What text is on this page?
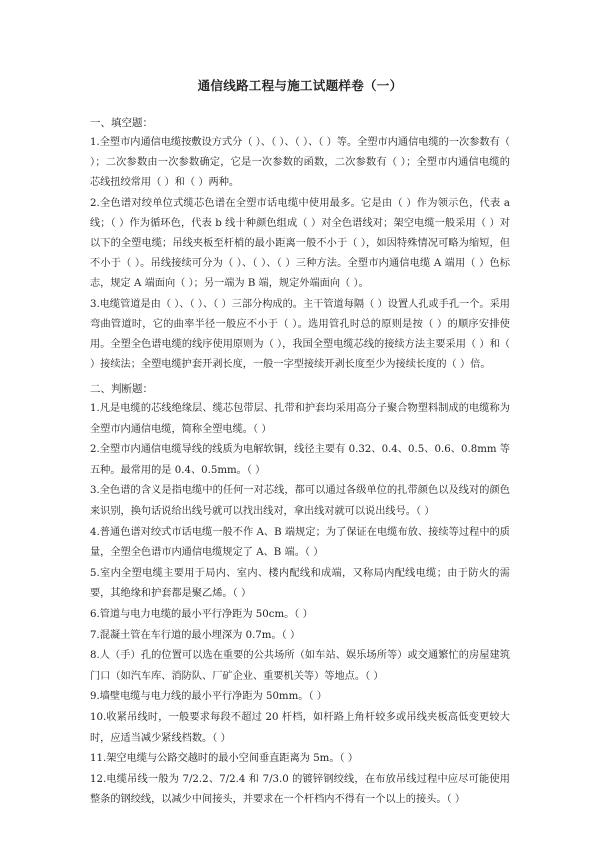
通信线路工程与施工试题样卷（一）

一、填空题：

1.全塑市内通信电缆按敷设方式分（ ）、（ ）、（ ）、（ ）等。全塑市内通信电缆的一次参数有（ ）；二次参数由一次参数确定，它是一次参数的函数，二次参数有（ ）；全塑市内通信电缆的芯线扭绞常用（ ）和（ ）两种。

2.全色谱对绞单位式缆芯色谱在全塑市话电缆中使用最多。它是由（ ）作为领示色，代表 a 线；（ ）作为循环色，代表 b 线十种颜色组成（ ）对全色谱线对；架空电缆一般采用（ ）对以下的全塑电缆；吊线夹板至杆梢的最小距离一般不小于（ ），如因特殊情况可略为缩短，但不小于（ ）。吊线接续可分为（ ）、（ ）、（ ）三种方法。全塑市内通信电缆 A 端用（ ）色标志，规定 A 端面向（ ）；另一端为 B 端，规定外端面向（ ）。

3.电缆管道是由（ ）、（ ）、（ ）三部分构成的。主干管道每隔（ ）设置人孔或手孔一个。采用弯曲管道时，它的曲率半径一般应不小于（ ）。选用管孔时总的原则是按（ ）的顺序安排使用。全塑全色谱电缆的线序使用原则为（ ），我国全塑电缆芯线的接续方法主要采用（ ）和（ ）接续法；全塑电缆护套开剥长度，一般一字型接续开剥长度至少为接续长度的（ ）倍。

二、判断题：

1.凡是电缆的芯线绝缘层、缆芯包带层、扎带和护套均采用高分子聚合物塑料制成的电缆称为全塑市内通信电缆，简称全塑电缆。（ ）

2.全塑市内通信电缆导线的线质为电解软铜，线径主要有 0.32、0.4、0.5、0.6、0.8mm 等五种。最常用的是 0.4、0.5mm。（ ）

3.全色谱的含义是指电缆中的任何一对芯线，都可以通过各级单位的扎带颜色以及线对的颜色来识别，换句话说给出线号就可以找出线对，拿出线对就可以说出线号。（ ）

4.普通色谱对绞式市话电缆一般不作 A、B 端规定；为了保证在电缆布放、接续等过程中的质量，全塑全色谱市内通信电缆规定了 A、B 端。（ ）

5.室内全塑电缆主要用于局内、室内、楼内配线和成端，又称局内配线电缆；由于防火的需要，其绝缘和护套都是聚乙烯。（ ）

6.管道与电力电缆的最小平行净距为 50cm。（ ）

7.混凝土管在车行道的最小埋深为 0.7m。（ ）

8.人（手）孔的位置可以选在重要的公共场所（如车站、娱乐场所等）或交通繁忙的房屋建筑门口（如汽车库、消防队、厂矿企业、重要机关等）等地点。（ ）

9.墙壁电缆与电力线的最小平行净距为 50mm。（ ）

10.收紧吊线时，一般要求每段不超过 20 杆档，如杆路上角杆较多或吊线夹板高低变更较大时，应适当减少紧线档数。（ ）

11.架空电缆与公路交越时的最小空间垂直距离为 5m。（ ）

12.电缆吊线一般为 7/2.2、7/2.4 和 7/3.0 的镀锌钢绞线，在布放吊线过程中应尽可能使用整条的钢绞线，以减少中间接头，并要求在一个杆档内不得有一个以上的接头。（ ）
